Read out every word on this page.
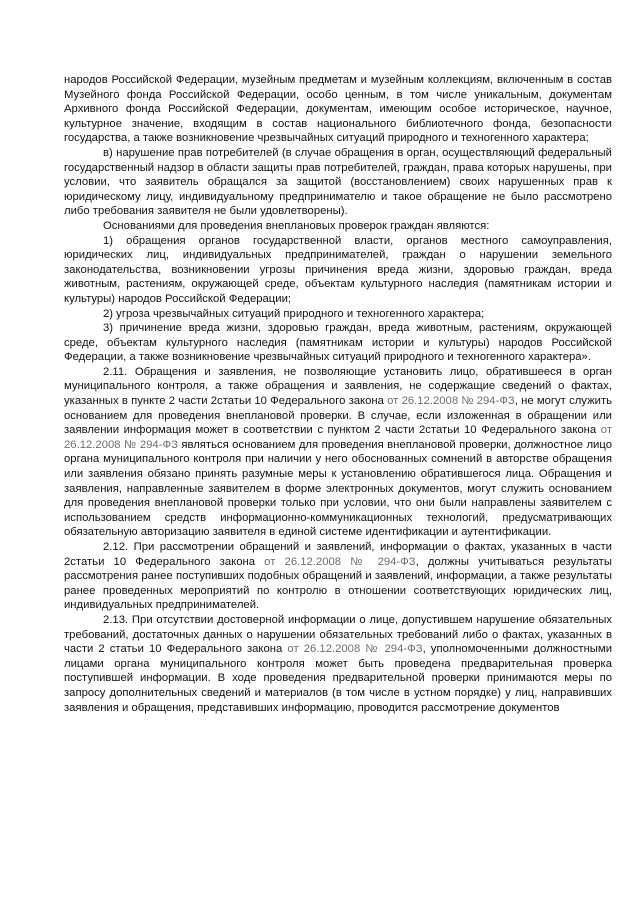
народов Российской Федерации, музейным предметам и музейным коллекциям, включенным в состав Музейного фонда Российской Федерации, особо ценным, в том числе уникальным, документам Архивного фонда Российской Федерации, документам, имеющим особое историческое, научное, культурное значение, входящим в состав национального библиотечного фонда, безопасности государства, а также возникновение чрезвычайных ситуаций природного и техногенного характера;

в) нарушение прав потребителей (в случае обращения в орган, осуществляющий федеральный государственный надзор в области защиты прав потребителей, граждан, права которых нарушены, при условии, что заявитель обращался за защитой (восстановлением) своих нарушенных прав к юридическому лицу, индивидуальному предпринимателю и такое обращение не было рассмотрено либо требования заявителя не были удовлетворены).

Основаниями для проведения внеплановых проверок граждан являются:

1) обращения органов государственной власти, органов местного самоуправления, юридических лиц, индивидуальных предпринимателей, граждан о нарушении земельного законодательства, возникновении угрозы причинения вреда жизни, здоровью граждан, вреда животным, растениям, окружающей среде, объектам культурного наследия (памятникам истории и культуры) народов Российской Федерации;

2) угроза чрезвычайных ситуаций природного и техногенного характера;

3) причинение вреда жизни, здоровью граждан, вреда животным, растениям, окружающей среде, объектам культурного наследия (памятникам истории и культуры) народов Российской Федерации, а также возникновение чрезвычайных ситуаций природного и техногенного характера».

2.11. Обращения и заявления, не позволяющие установить лицо, обратившееся в орган муниципального контроля, а также обращения и заявления, не содержащие сведений о фактах, указанных в пункте 2 части 2статьи 10 Федерального закона от 26.12.2008 № 294-ФЗ, не могут служить основанием для проведения внеплановой проверки. В случае, если изложенная в обращении или заявлении информация может в соответствии с пунктом 2 части 2статьи 10 Федерального закона от 26.12.2008 № 294-ФЗ являться основанием для проведения внеплановой проверки, должностное лицо органа муниципального контроля при наличии у него обоснованных сомнений в авторстве обращения или заявления обязано принять разумные меры к установлению обратившегося лица. Обращения и заявления, направленные заявителем в форме электронных документов, могут служить основанием для проведения внеплановой проверки только при условии, что они были направлены заявителем с использованием средств информационно-коммуникационных технологий, предусматривающих обязательную авторизацию заявителя в единой системе идентификации и аутентификации.

2.12. При рассмотрении обращений и заявлений, информации о фактах, указанных в части 2статьи 10 Федерального закона от 26.12.2008 № 294-ФЗ, должны учитываться результаты рассмотрения ранее поступивших подобных обращений и заявлений, информации, а также результаты ранее проведенных мероприятий по контролю в отношении соответствующих юридических лиц, индивидуальных предпринимателей.

2.13. При отсутствии достоверной информации о лице, допустившем нарушение обязательных требований, достаточных данных о нарушении обязательных требований либо о фактах, указанных в части 2 статьи 10 Федерального закона от 26.12.2008 № 294-ФЗ, уполномоченными должностными лицами органа муниципального контроля может быть проведена предварительная проверка поступившей информации. В ходе проведения предварительной проверки принимаются меры по запросу дополнительных сведений и материалов (в том числе в устном порядке) у лиц, направивших заявления и обращения, представивших информацию, проводится рассмотрение документов
